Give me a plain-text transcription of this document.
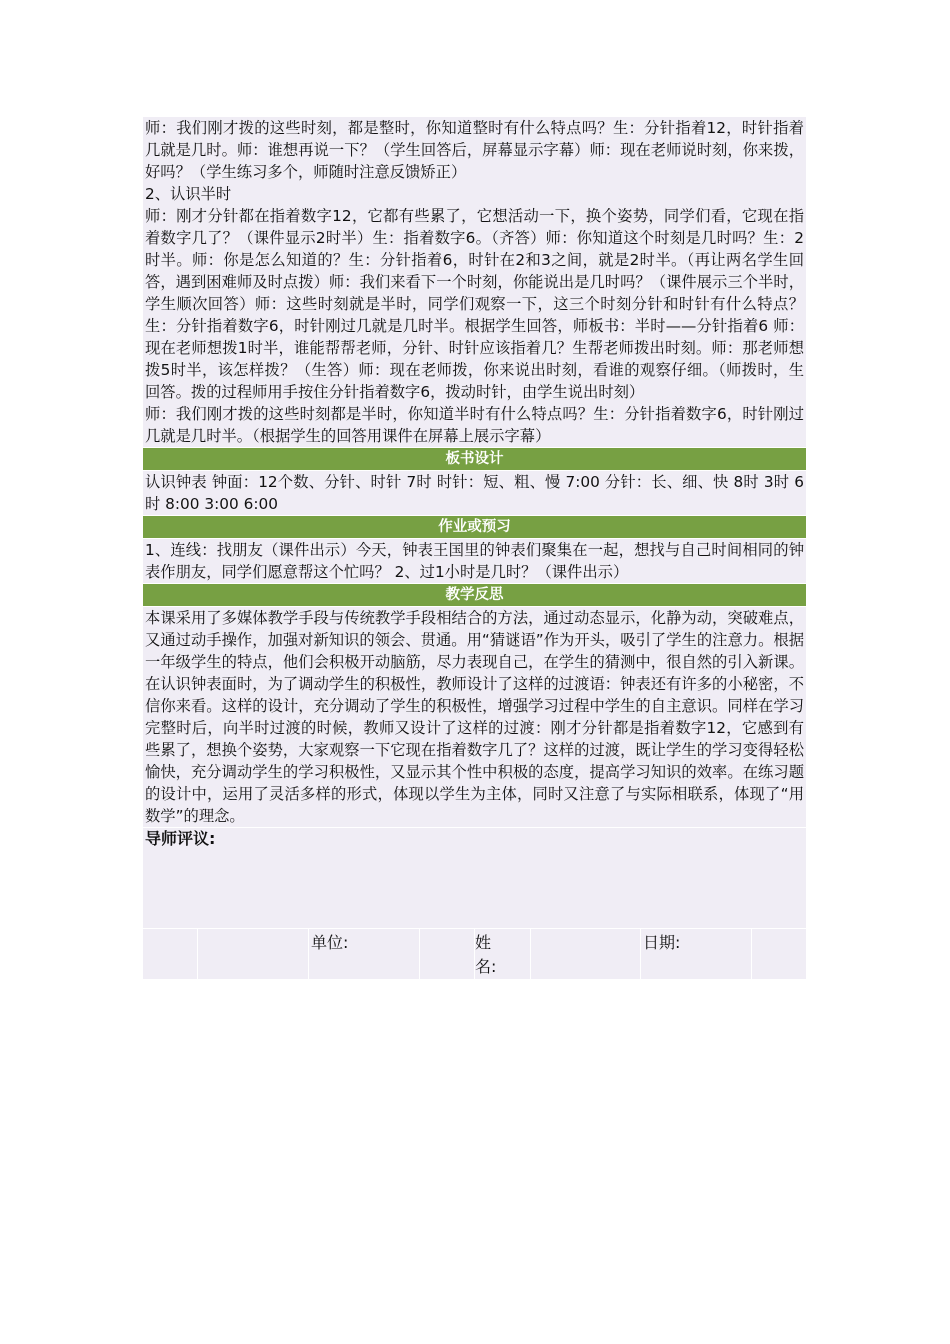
师：我们刚才拨的这些时刻，都是整时，你知道整时有什么特点吗？生：分针指着12，时针指着几就是几时。师：谁想再说一下？（学生回答后，屏幕显示字幕）师：现在老师说时刻，你来拨，好吗？（学生练习多个，师随时注意反馈矫正）

2、认识半时

师：刚才分针都在指着数字12，它都有些累了，它想活动一下，换个姿势，同学们看，它现在指着数字几了？（课件显示2时半）生：指着数字6。（齐答）师：你知道这个时刻是几时吗？生：2时半。师：你是怎么知道的？生：分针指着6，时针在2和3之间，就是2时半。（再让两名学生回答，遇到困难师及时点拨）师：我们来看下一个时刻，你能说出是几时吗？（课件展示三个半时，学生顺次回答）师：这些时刻就是半时，同学们观察一下，这三个时刻分针和时针有什么特点？生：分针指着数字6，时针刚过几就是几时半。根据学生回答，师板书：半时——分针指着6 师：现在老师想拨1时半，谁能帮帮老师，分针、时针应该指着几？生帮老师拨出时刻。师：那老师想拨5时半，该怎样拨？（生答）师：现在老师拨，你来说出时刻，看谁的观察仔细。（师拨时，生回答。拨的过程师用手按住分针指着数字6，拨动时针，由学生说出时刻）

师：我们刚才拨的这些时刻都是半时，你知道半时有什么特点吗？生：分针指着数字6，时针刚过几就是几时半。（根据学生的回答用课件在屏幕上展示字幕）

板书设计

认识钟表 钟面：12个数、分针、时针 7时 时针：短、粗、慢 7:00 分针：长、细、快 8时 3时 6时 8:00 3:00 6:00

作业或预习

1、连线：找朋友（课件出示）今天，钟表王国里的钟表们聚集在一起，想找与自己时间相同的钟表作朋友，同学们愿意帮这个忙吗？ 2、过1小时是几时？（课件出示）

教学反思

本课采用了多媒体教学手段与传统教学手段相结合的方法，通过动态显示，化静为动，突破难点，又通过动手操作，加强对新知识的领会、贯通。用“猜谜语”作为开头，吸引了学生的注意力。根据一年级学生的特点，他们会积极开动脑筋，尽力表现自己，在学生的猜测中，很自然的引入新课。在认识钟表面时，为了调动学生的积极性，教师设计了这样的过渡语：钟表还有许多的小秘密，不信你来看。这样的设计，充分调动了学生的积极性，增强学习过程中学生的自主意识。同样在学习完整时后，向半时过渡的时候，教师又设计了这样的过渡：刚才分针都是指着数字12，它感到有些累了，想换个姿势，大家观察一下它现在指着数字几了？这样的过渡，既让学生的学习变得轻松愉快，充分调动学生的学习积极性，又显示其个性中积极的态度，提高学习知识的效率。在练习题的设计中，运用了灵活多样的形式，体现以学生为主体，同时又注意了与实际相联系，体现了“用数学”的理念。

导师评议:
单位:	姓名:
日期:
